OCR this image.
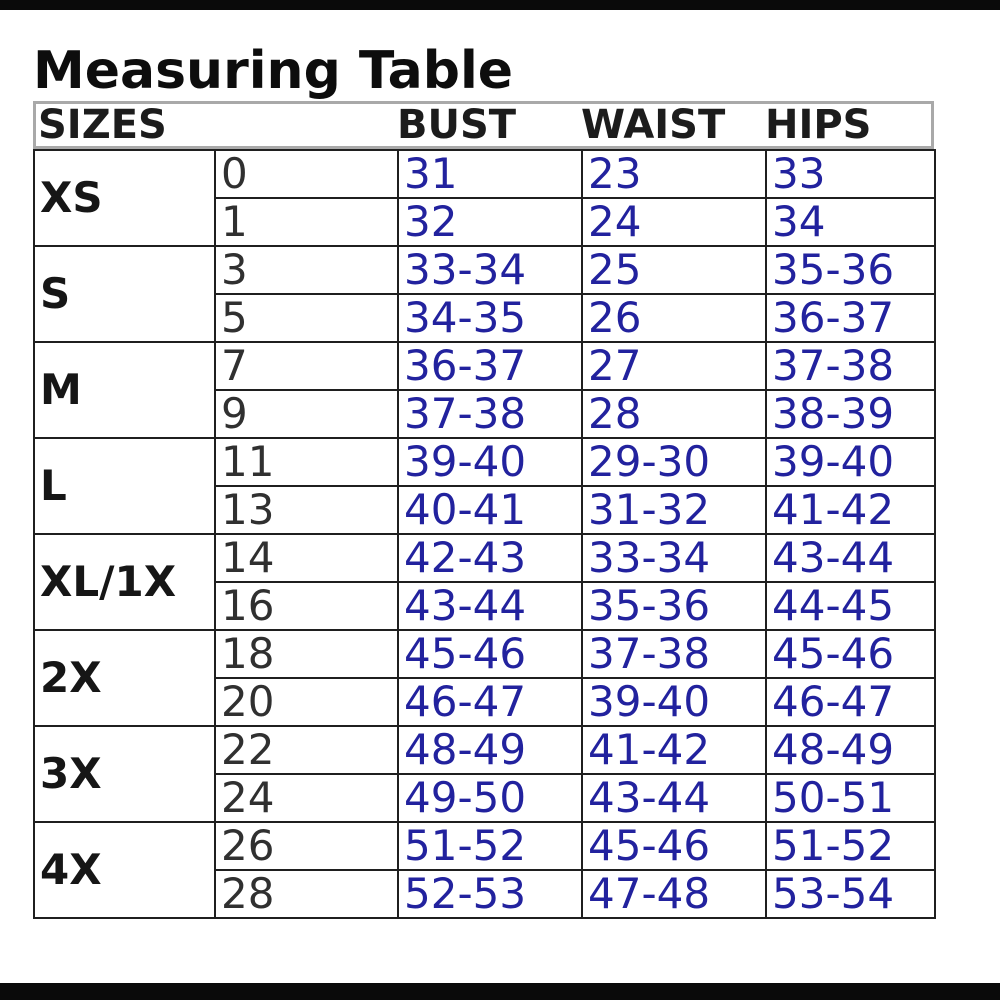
Measuring Table
SIZES	BUST WAIST HIPS
XS	0	31	23	33
	1	32	24	34
S	3	33-34	25	35-36
	5	34-35	26	36-37
M	7	36-37	27	37-38
	9	37-38	28	38-39
L	11	39-40	29-30	39-40
	13	40-41	31-32	41-42
XL/1X	14	42-43	33-34	43-44
	16	43-44	35-36	44-45
2X	18	45-46	37-38	45-46
	20	46-47	39-40	46-47
3X	22	48-49	41-42	48-49
	24	49-50	43-44	50-51
4X	26	51-52	45-46	51-52
	28	52-53	47-48	53-54
